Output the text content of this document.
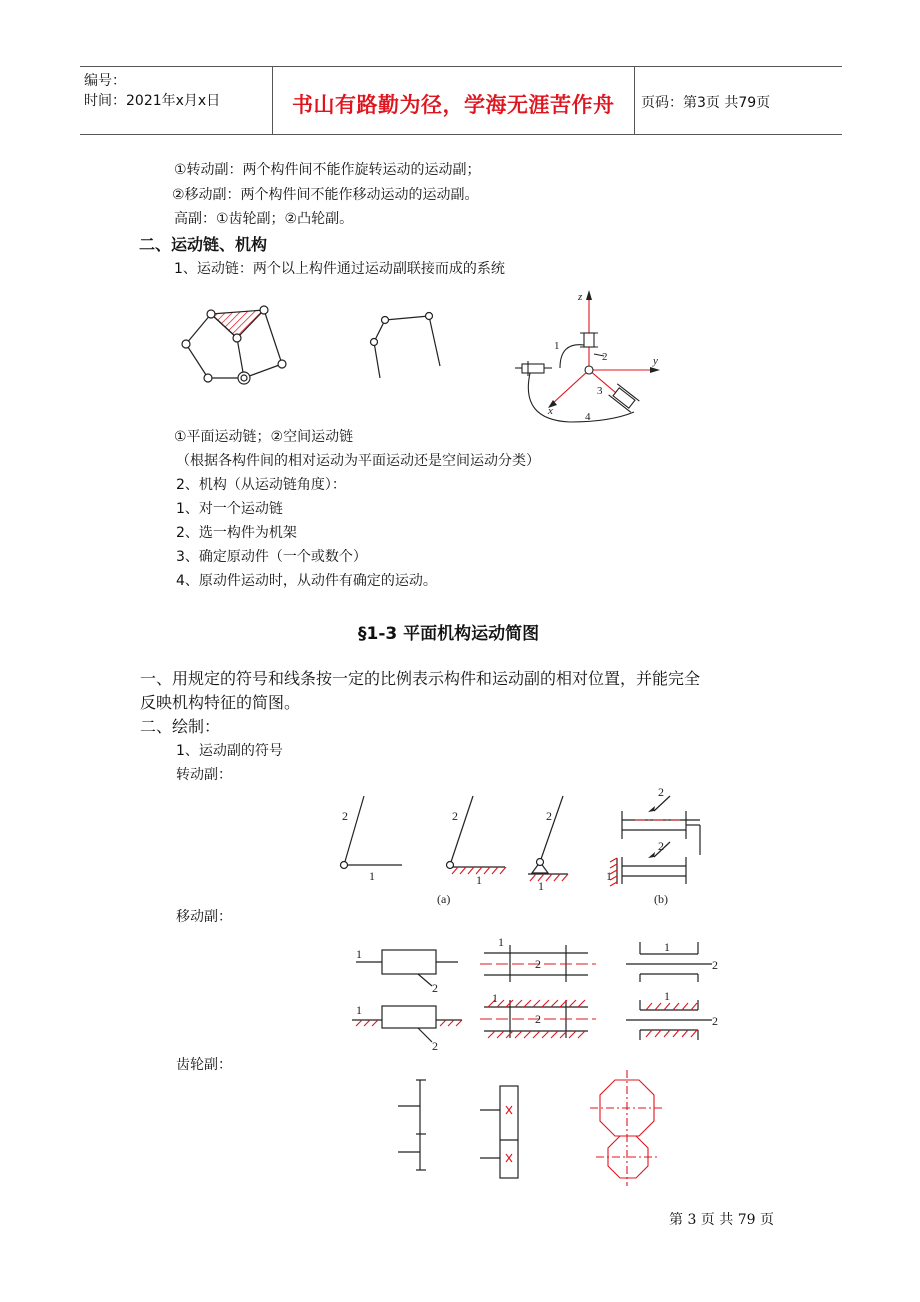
编号：
时间：2021年x月x日	书山有路勤为径，学海无涯苦作舟 页码：第3页 共79页
①转动副：两个构件间不能作旋转运动的运动副；
②移动副：两个构件间不能作移动运动的运动副。
高副：①齿轮副；②凸轮副。
二、运动链、机构
1、运动链：两个以上构件通过运动副联接而成的系统
z
y
x
1
2
3
4
①平面运动链；②空间运动链
（根据各构件间的相对运动为平面运动还是空间运动分类）
2、机构（从运动链角度）：
1、对一个运动链
2、选一构件为机架
3、确定原动件（一个或数个）
4、原动件运动时，从动件有确定的运动。
§1-3 平面机构运动简图
一、用规定的符号和线条按一定的比例表示构件和运动副的相对位置，并能完全
反映机构特征的简图。
二、绘制：
1、运动副的符号
转动副：
2
1
2
1
2
1
2
2
1
(a)	(b)
移动副：
1
2
1
2
1
2
1
2
1
2
1
2
齿轮副：
第 3 页 共 79 页
